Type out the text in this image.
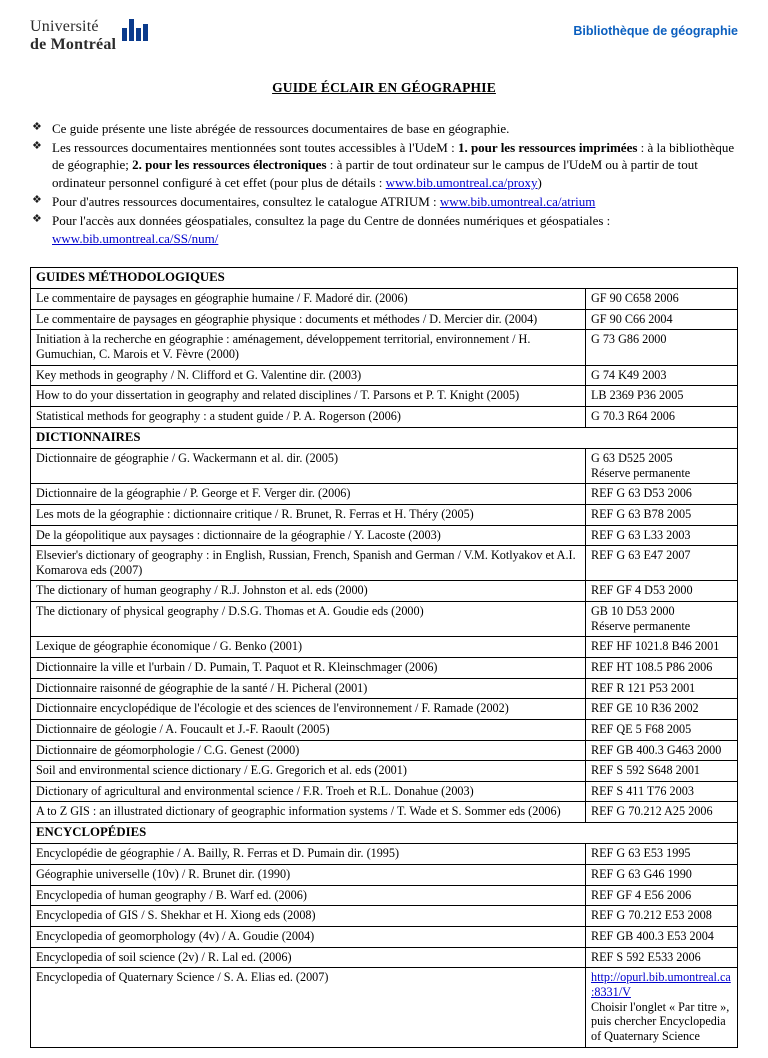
Université
de Montréal
Bibliothèque de géographie
GUIDE ÉCLAIR EN GÉOGRAPHIE
❖ Ce guide présente une liste abrégée de ressources documentaires de base en géographie.
❖ Les ressources documentaires mentionnées sont toutes accessibles à l'UdeM : 1. pour les ressources imprimées : à la bibliothèque de géographie; 2. pour les ressources électroniques : à partir de tout ordinateur sur le campus de l'UdeM ou à partir de tout ordinateur personnel configuré à cet effet (pour plus de détails : www.bib.umontreal.ca/proxy)
❖ Pour d'autres ressources documentaires, consultez le catalogue ATRIUM : www.bib.umontreal.ca/atrium
❖ Pour l'accès aux données géospatiales, consultez la page du Centre de données numériques et géospatiales : www.bib.umontreal.ca/SS/num/
GUIDES MÉTHODOLOGIQUES	
Le commentaire de paysages en géographie humaine / F. Madoré dir. (2006)	GF 90 C658 2006

Le commentaire de paysages en géographie physique : documents et méthodes / D. Mercier dir. (2004)	GF 90 C66 2004

Initiation à la recherche en géographie : aménagement, développement territorial, environnement / H. Gumuchian, C. Marois et V. Fèvre (2000)	G 73 G86 2000

Key methods in geography / N. Clifford et G. Valentine dir. (2003)	G 74 K49 2003

How to do your dissertation in geography and related disciplines / T. Parsons et P. T. Knight (2005)	LB 2369 P36 2005

Statistical methods for geography : a student guide / P. A. Rogerson (2006)	G 70.3 R64 2006

DICTIONNAIRES	
Dictionnaire de géographie / G. Wackermann et al. dir. (2005)	G 63 D525 2005
Réserve permanente

Dictionnaire de la géographie / P. George et F. Verger dir. (2006)	REF G 63 D53 2006

Les mots de la géographie : dictionnaire critique / R. Brunet, R. Ferras et H. Théry (2005)	REF G 63 B78 2005

De la géopolitique aux paysages : dictionnaire de la géographie / Y. Lacoste (2003)	REF G 63 L33 2003

Elsevier's dictionary of geography : in English, Russian, French, Spanish and German / V.M. Kotlyakov et A.I. Komarova eds (2007)	REF G 63 E47 2007

The dictionary of human geography / R.J. Johnston et al. eds (2000)	REF GF 4 D53 2000

The dictionary of physical geography / D.S.G. Thomas et A. Goudie eds (2000)	GB 10 D53 2000
Réserve permanente

Lexique de géographie économique / G. Benko (2001)	REF HF 1021.8 B46 2001

Dictionnaire la ville et l'urbain / D. Pumain, T. Paquot et R. Kleinschmager (2006)	REF HT 108.5 P86 2006

Dictionnaire raisonné de géographie de la santé / H. Picheral (2001)	REF R 121 P53 2001

Dictionnaire encyclopédique de l'écologie et des sciences de l'environnement / F. Ramade (2002)	REF GE 10 R36 2002

Dictionnaire de géologie / A. Foucault et J.-F. Raoult (2005)	REF QE 5 F68 2005

Dictionnaire de géomorphologie / C.G. Genest (2000)	REF GB 400.3 G463 2000

Soil and environmental science dictionary / E.G. Gregorich et al. eds (2001)	REF S 592 S648 2001

Dictionary of agricultural and environmental science / F.R. Troeh et R.L. Donahue (2003)	REF S 411 T76 2003

A to Z GIS : an illustrated dictionary of geographic information systems / T. Wade et S. Sommer eds (2006)	REF G 70.212 A25 2006

ENCYCLOPÉDIES	
Encyclopédie de géographie / A. Bailly, R. Ferras et D. Pumain dir. (1995)	REF G 63 E53 1995

Géographie universelle (10v) / R. Brunet dir. (1990)	REF G 63 G46 1990

Encyclopedia of human geography / B. Warf ed. (2006)	REF GF 4 E56 2006

Encyclopedia of GIS / S. Shekhar et H. Xiong eds (2008)	REF G 70.212 E53 2008

Encyclopedia of geomorphology (4v) / A. Goudie (2004)	REF GB 400.3 E53 2004

Encyclopedia of soil science (2v) / R. Lal ed. (2006)	REF S 592 E533 2006

Encyclopedia of Quaternary Science / S. A. Elias ed. (2007)	http://opurl.bib.umontreal.ca:8331/V
Choisir l'onglet « Par titre », puis chercher Encyclopedia of Quaternary Science
